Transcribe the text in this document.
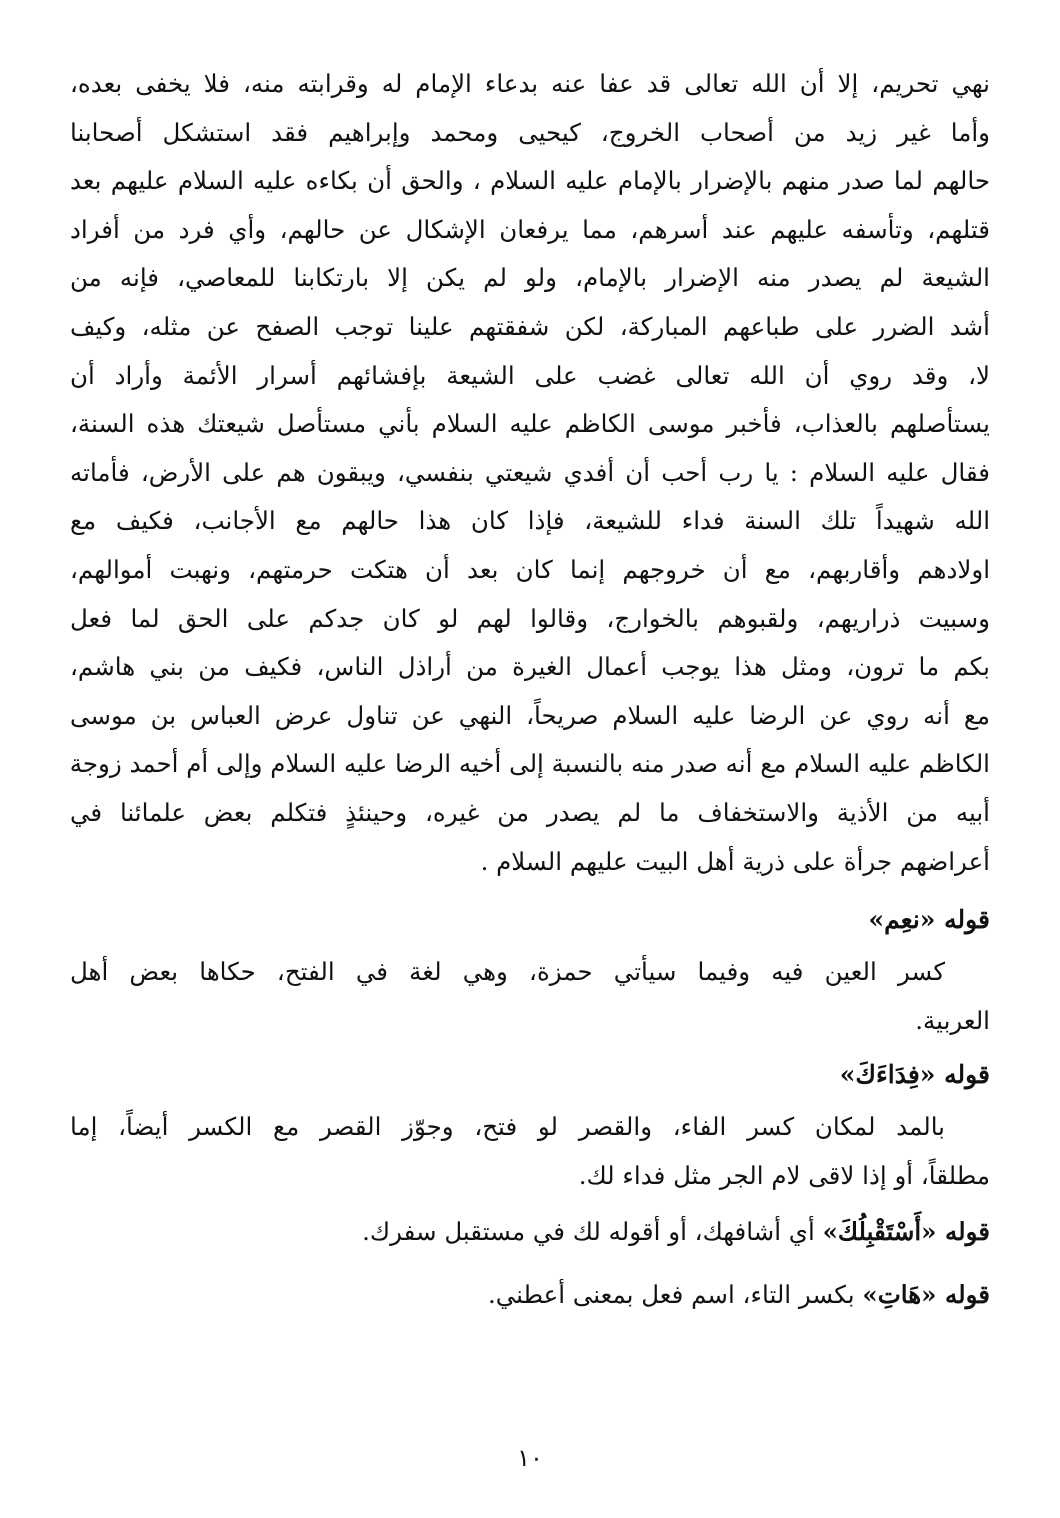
نهي تحريم، إلا أن الله تعالى قد عفا عنه بدعاء الإمام له وقرابته منه، فلا يخفى بعده،
وأما غير زيد من أصحاب الخروج، كيحيى ومحمد وإبراهيم فقد استشكل أصحابنا
حالهم لما صدر منهم بالإضرار بالإمام عليه السلام ، والحق أن بكاءه عليه السلام عليهم بعد
قتلهم، وتأسفه عليهم عند أسرهم، مما يرفعان الإشكال عن حالهم، وأي فرد من أفراد
الشيعة لم يصدر منه الإضرار بالإمام، ولو لم يكن إلا بارتكابنا للمعاصي، فإنه من
أشد الضرر على طباعهم المباركة، لكن شفقتهم علينا توجب الصفح عن مثله، وكيف
لا، وقد روي أن الله تعالى غضب على الشيعة بإفشائهم أسرار الأئمة وأراد أن
يستأصلهم بالعذاب، فأخبر موسى الكاظم عليه السلام بأني مستأصل شيعتك هذه السنة،
فقال عليه السلام : يا رب أحب أن أفدي شيعتي بنفسي، ويبقون هم على الأرض، فأماته
الله شهيداً تلك السنة فداء للشيعة، فإذا كان هذا حالهم مع الأجانب، فكيف مع
اولادهم وأقاربهم، مع أن خروجهم إنما كان بعد أن هتكت حرمتهم، ونهبت أموالهم،
وسبيت ذراريهم، ولقبوهم بالخوارج، وقالوا لهم لو كان جدكم على الحق لما فعل
بكم ما ترون، ومثل هذا يوجب أعمال الغيرة من أراذل الناس، فكيف من بني هاشم،
مع أنه روي عن الرضا عليه السلام صريحاً، النهي عن تناول عرض العباس بن موسى
الكاظم عليه السلام مع أنه صدر منه بالنسبة إلى أخيه الرضا عليه السلام وإلى أم أحمد زوجة
أبيه من الأذية والاستخفاف ما لم يصدر من غيره، وحينئذٍ فتكلم بعض علمائنا في
أعراضهم جرأة على ذرية أهل البيت عليهم السلام .

قوله «نعِم»

كسر العين فيه وفيما سيأتي حمزة، وهي لغة في الفتح، حكاها بعض أهل
العربية.

قوله «فِدَاءَكَ»

بالمد لمكان كسر الفاء، والقصر لو فتح، وجوّز القصر مع الكسر أيضاً، إما
مطلقاً، أو إذا لاقى لام الجر مثل فداء لك.

قوله «أَسْتَقْبِلُكَ» أي أشافهك، أو أقوله لك في مستقبل سفرك.

قوله «هَاتِ» بكسر التاء، اسم فعل بمعنى أعطني.

١٠
